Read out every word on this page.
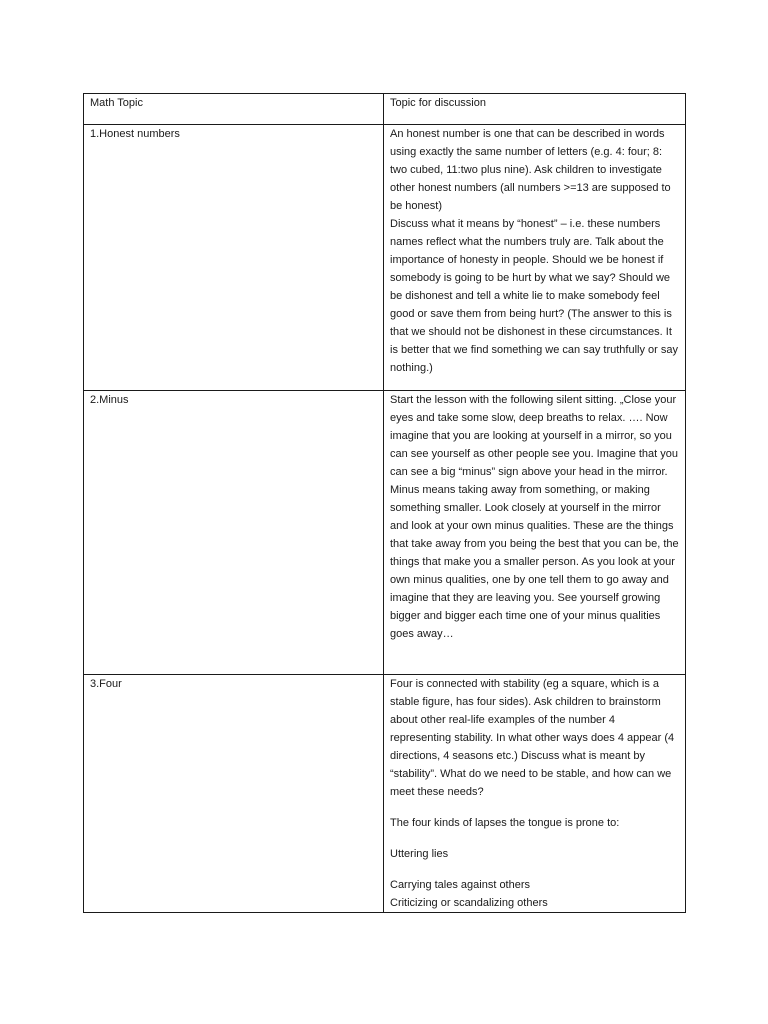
Math Topic	Topic for discussion
1.Honest numbers	An honest number is one that can be described in words using exactly the same number of letters (e.g. 4: four; 8: two cubed, 11:two plus nine). Ask children to investigate other honest numbers (all numbers >=13 are supposed to be honest)

Discuss what it means by “honest” – i.e. these numbers names reflect what the numbers truly are. Talk about the importance of honesty in people. Should we be honest if somebody is going to be hurt by what we say? Should we be dishonest and tell a white lie to make somebody feel good or save them from being hurt? (The answer to this is that we should not be dishonest in these circumstances. It is better that we find something we can say truthfully or say nothing.)

2.Minus	Start the lesson with the following silent sitting. „Close your eyes and take some slow, deep breaths to relax. …. Now imagine that you are looking at yourself in a mirror, so you can see yourself as other people see you. Imagine that you can see a big “minus” sign above your head in the mirror. Minus means taking away from something, or making something smaller. Look closely at yourself in the mirror and look at your own minus qualities. These are the things that take away from you being the best that you can be, the things that make you a smaller person. As you look at your own minus qualities, one by one tell them to go away and imagine that they are leaving you. See yourself growing bigger and bigger each time one of your minus qualities goes away…

3.Four	Four is connected with stability (eg a square, which is a stable figure, has four sides). Ask children to brainstorm about other real-life examples of the number 4 representing stability. In what other ways does 4 appear (4 directions, 4 seasons etc.) Discuss what is meant by “stability”. What do we need to be stable, and how can we meet these needs?

The four kinds of lapses the tongue is prone to:

Uttering lies

Carrying tales against others

Criticizing or scandalizing others
